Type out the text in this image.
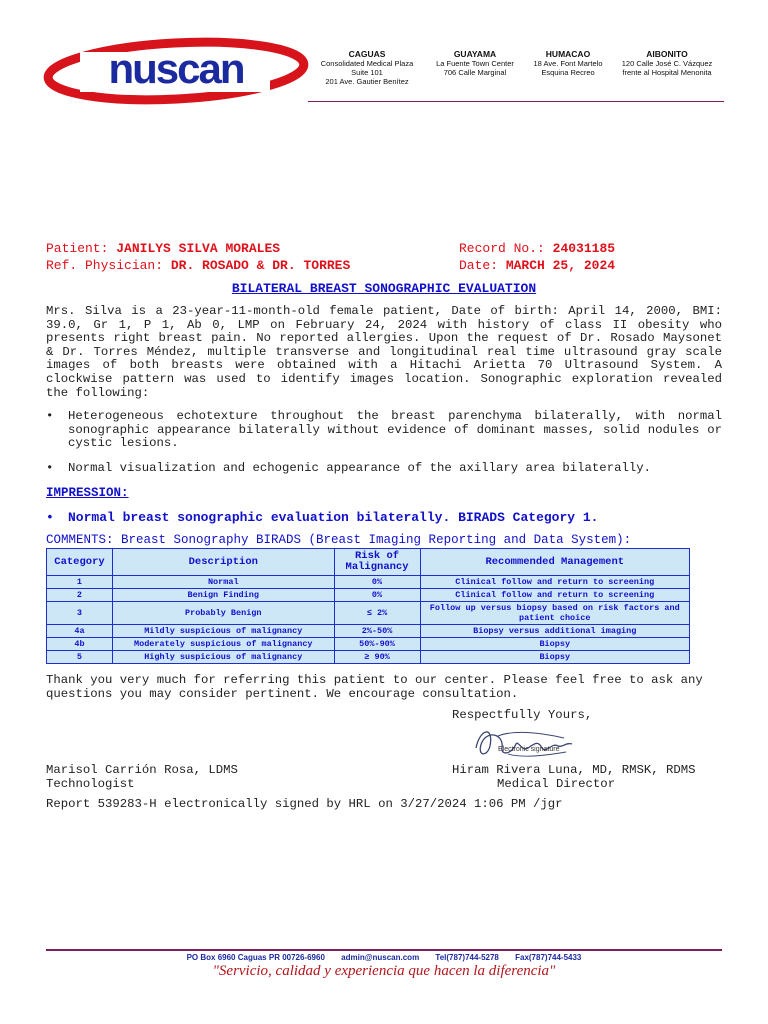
nuscan	CAGUAS
Consolidated Medical Plaza
Suite 101
201 Ave. Gautier Benítez
GUAYAMA
La Fuente Town Center
706 Calle Marginal
HUMACAO
18 Ave. Font Martelo
Esquina Recreo
AIBONITO
120 Calle José C. Vázquez
frente al Hospital Menonita
Patient: JANILYS SILVA MORALES	Record No.: 24031185
Ref. Physician: DR. ROSADO & DR. TORRES	Date: MARCH 25, 2024
BILATERAL BREAST SONOGRAPHIC EVALUATION
Mrs. Silva is a 23-year-11-month-old female patient, Date of birth: April 14, 2000, BMI: 39.0, Gr 1, P 1, Ab 0, LMP on February 24, 2024 with history of class II obesity who presents right breast pain. No reported allergies. Upon the request of Dr. Rosado Maysonet & Dr. Torres Méndez, multiple transverse and longitudinal real time ultrasound gray scale images of both breasts were obtained with a Hitachi Arietta 70 Ultrasound System. A clockwise pattern was used to identify images location. Sonographic exploration revealed the following:
•	Heterogeneous echotexture throughout the breast parenchyma bilaterally, with normal sonographic appearance bilaterally without evidence of dominant masses, solid nodules or cystic lesions.
•	Normal visualization and echogenic appearance of the axillary area bilaterally.
IMPRESSION:
•	Normal breast sonographic evaluation bilaterally. BIRADS Category 1.
COMMENTS: Breast Sonography BIRADS (Breast Imaging Reporting and Data System):
Category	Description	Risk of Malignancy	Recommended Management
1	Normal	0%	Clinical follow and return to screening
2	Benign Finding	0%	Clinical follow and return to screening
3	Probably Benign	≤ 2%	Follow up versus biopsy based on risk factors and patient choice
4a	Mildly suspicious of malignancy	2%-50%	Biopsy versus additional imaging
4b	Moderately suspicious of malignancy	50%-90%	Biopsy
5	Highly suspicious of malignancy	≥ 90%	Biopsy
Thank you very much for referring this patient to our center. Please feel free to ask any questions you may consider pertinent. We encourage consultation.
Respectfully Yours,
Electronic signature
Marisol Carrión Rosa, LDMS
Technologist
Hiram Rivera Luna, MD, RMSK, RDMS
Medical Director
Report 539283-H electronically signed by HRL on 3/27/2024 1:06 PM /jgr
PO Box 6960 Caguas PR 00726-6960 admin@nuscan.com Tel(787)744-5278 Fax(787)744-5433
"Servicio, calidad y experiencia que hacen la diferencia"
